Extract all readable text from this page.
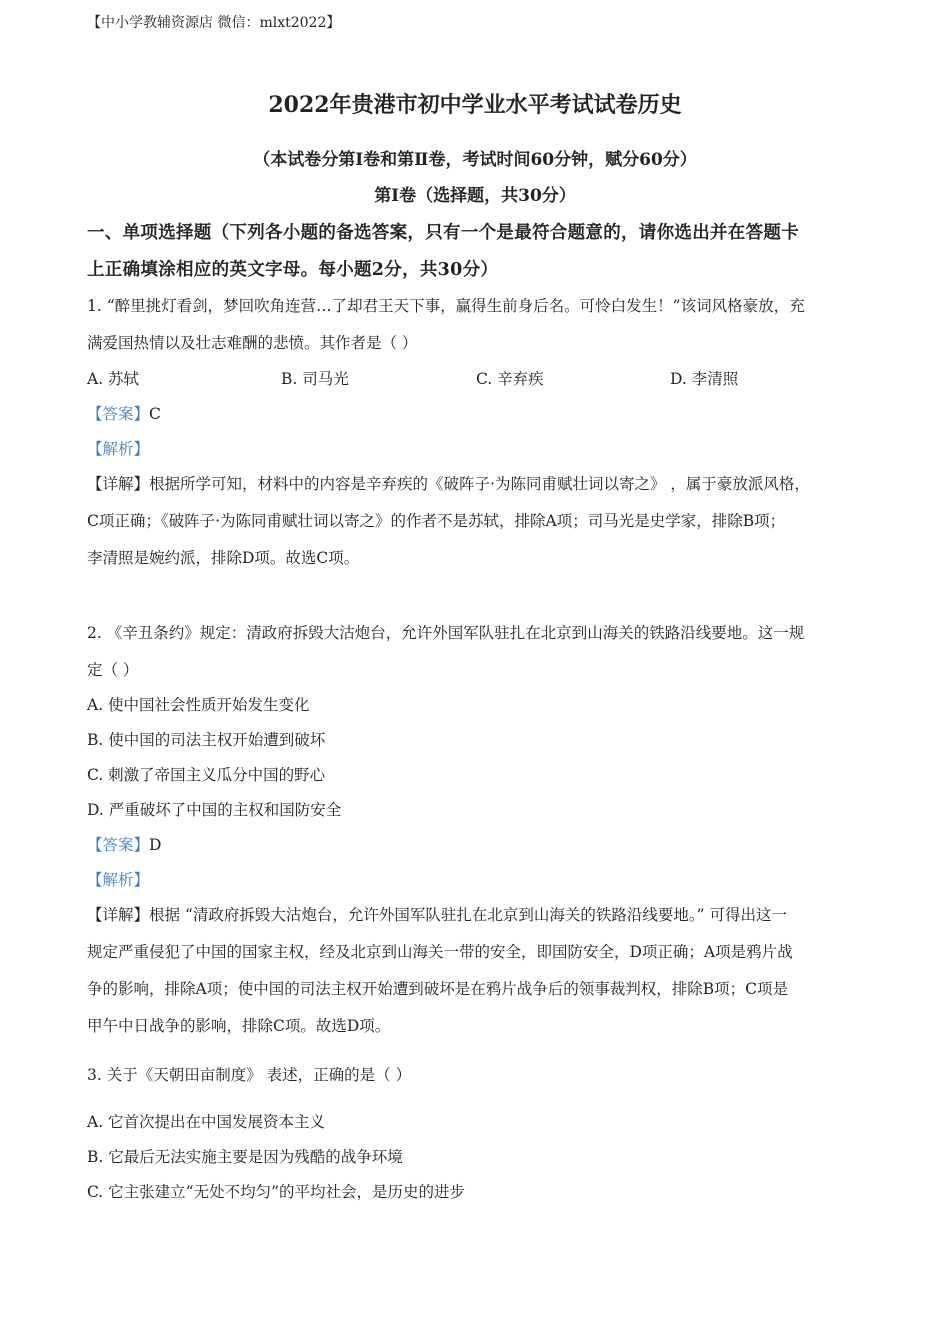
【中小学教辅资源店 微信：mlxt2022】
2022年贵港市初中学业水平考试试卷历史
（本试卷分第Ⅰ卷和第Ⅱ卷，考试时间60分钟，赋分60分）
第Ⅰ卷（选择题，共30分）
一、单项选择题（下列各小题的备选答案，只有一个是最符合题意的，请你选出并在答题卡
上正确填涂相应的英文字母。每小题2分，共30分）
1. “醉里挑灯看剑，梦回吹角连营…了却君王天下事，赢得生前身后名。可怜白发生！”该词风格豪放，充
满爱国热情以及壮志难酬的悲愤。其作者是（ ）
A. 苏轼	B. 司马光	C. 辛弃疾	D. 李清照
【答案】C
【解析】
【详解】根据所学可知，材料中的内容是辛弃疾的《破阵子·为陈同甫赋壮词以寄之》 ，属于豪放派风格，
C项正确；《破阵子·为陈同甫赋壮词以寄之》的作者不是苏轼，排除A项；司马光是史学家，排除B项；
李清照是婉约派，排除D项。故选C项。
2. 《辛丑条约》规定：清政府拆毁大沽炮台，允许外国军队驻扎在北京到山海关的铁路沿线要地。这一规
定（ ）
A. 使中国社会性质开始发生变化
B. 使中国的司法主权开始遭到破坏
C. 刺激了帝国主义瓜分中国的野心
D. 严重破坏了中国的主权和国防安全
【答案】D
【解析】
【详解】根据 “清政府拆毁大沽炮台，允许外国军队驻扎在北京到山海关的铁路沿线要地。” 可得出这一
规定严重侵犯了中国的国家主权，经及北京到山海关一带的安全，即国防安全，D项正确；A项是鸦片战
争的影响，排除A项；使中国的司法主权开始遭到破坏是在鸦片战争后的领事裁判权，排除B项；C项是
甲午中日战争的影响，排除C项。故选D项。
3. 关于《天朝田亩制度》 表述，正确的是（ ）
A. 它首次提出在中国发展资本主义
B. 它最后无法实施主要是因为残酷的战争环境
C. 它主张建立“无处不均匀”的平均社会，是历史的进步
